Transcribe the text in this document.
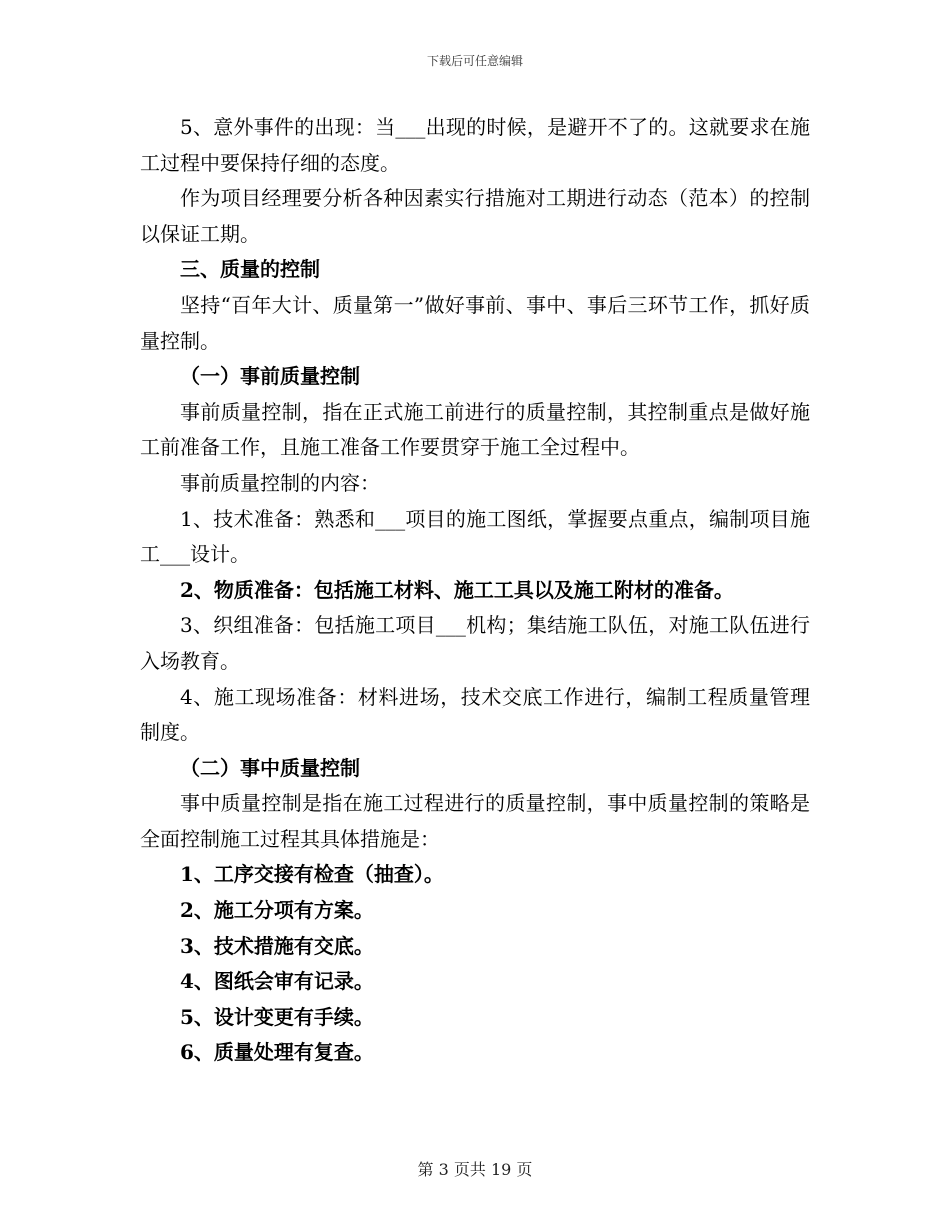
下载后可任意编辑
5、意外事件的出现：当___出现的时候，是避开不了的。这就要求在施工过程中要保持仔细的态度。
作为项目经理要分析各种因素实行措施对工期进行动态（范本）的控制以保证工期。
三、质量的控制
坚持“百年大计、质量第一”做好事前、事中、事后三环节工作，抓好质量控制。
（一）事前质量控制
事前质量控制，指在正式施工前进行的质量控制，其控制重点是做好施工前准备工作，且施工准备工作要贯穿于施工全过程中。
事前质量控制的内容：
1、技术准备：熟悉和___项目的施工图纸，掌握要点重点，编制项目施工___设计。
2、物质准备：包括施工材料、施工工具以及施工附材的准备。
3、织组准备：包括施工项目___机构；集结施工队伍，对施工队伍进行入场教育。
4、施工现场准备：材料进场，技术交底工作进行，编制工程质量管理制度。
（二）事中质量控制
事中质量控制是指在施工过程进行的质量控制，事中质量控制的策略是全面控制施工过程其具体措施是：
1、工序交接有检查（抽查）。
2、施工分项有方案。
3、技术措施有交底。
4、图纸会审有记录。
5、设计变更有手续。
6、质量处理有复查。
第 3 页共 19 页
